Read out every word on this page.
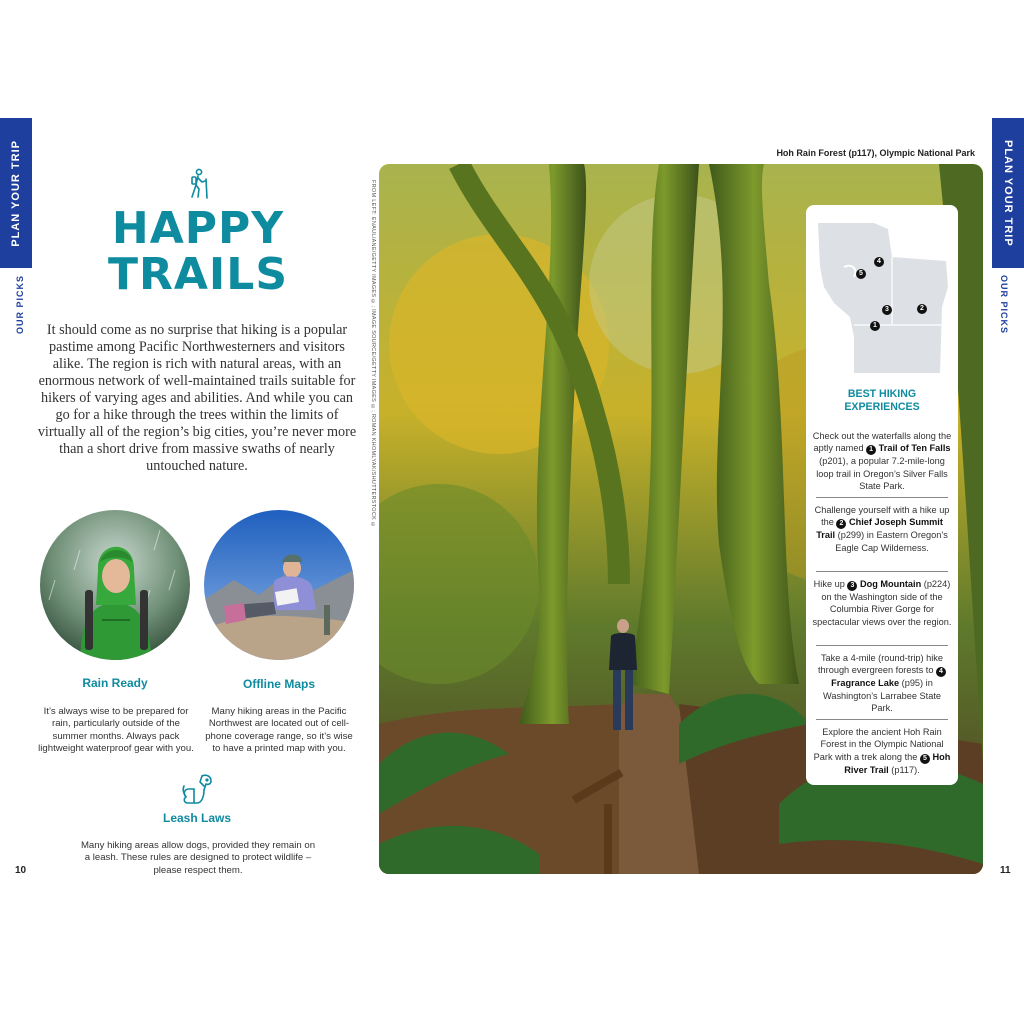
PLAN YOUR TRIP
OUR PICKS
HAPPY
TRAILS
It should come as no surprise that hiking is a popular pastime among Pacific Northwesterners and visitors alike. The region is rich with natural areas, with an enormous network of well-maintained trails suitable for hikers of varying ages and abilities. And while you can go for a hike through the trees within the limits of virtually all of the region’s big cities, you’re never more than a short drive from massive swaths of nearly untouched nature.
Rain Ready
It’s always wise to be prepared for rain, particularly outside of the summer months. Always pack lightweight waterproof gear with you.
Offline Maps
Many hiking areas in the Pacific Northwest are located out of cell-phone coverage range, so it’s wise to have a printed map with you.
Leash Laws
Many hiking areas allow dogs, provided they remain on a leash. These rules are designed to protect wildlife – please respect them.
10
PLAN YOUR TRIP
OUR PICKS
Hoh Rain Forest (p117), Olympic National Park
FROM LEFT: ENAUL/ANE/GETTY IMAGES ©; IMAGE SOURCE/GETTY IMAGES ©; ROMAN KHOMLYAK/SHUTTERSTOCK ©	4
5
3	2
1
BEST HIKING
EXPERIENCES
Check out the waterfalls along the aptly named 1 Trail of Ten Falls (p201), a popular 7.2-mile-long loop trail in Oregon’s Silver Falls State Park.
Challenge yourself with a hike up the 2 Chief Joseph Summit Trail (p299) in Eastern Oregon’s Eagle Cap Wilderness.
Hike up 3 Dog Mountain (p224) on the Washington side of the Columbia River Gorge for spectacular views over the region.
Take a 4-mile (round-trip) hike through evergreen forests to 4 Fragrance Lake (p95) in Washington’s Larrabee State Park.
Explore the ancient Hoh Rain Forest in the Olympic National Park with a trek along the 5 Hoh River Trail (p117).
11
